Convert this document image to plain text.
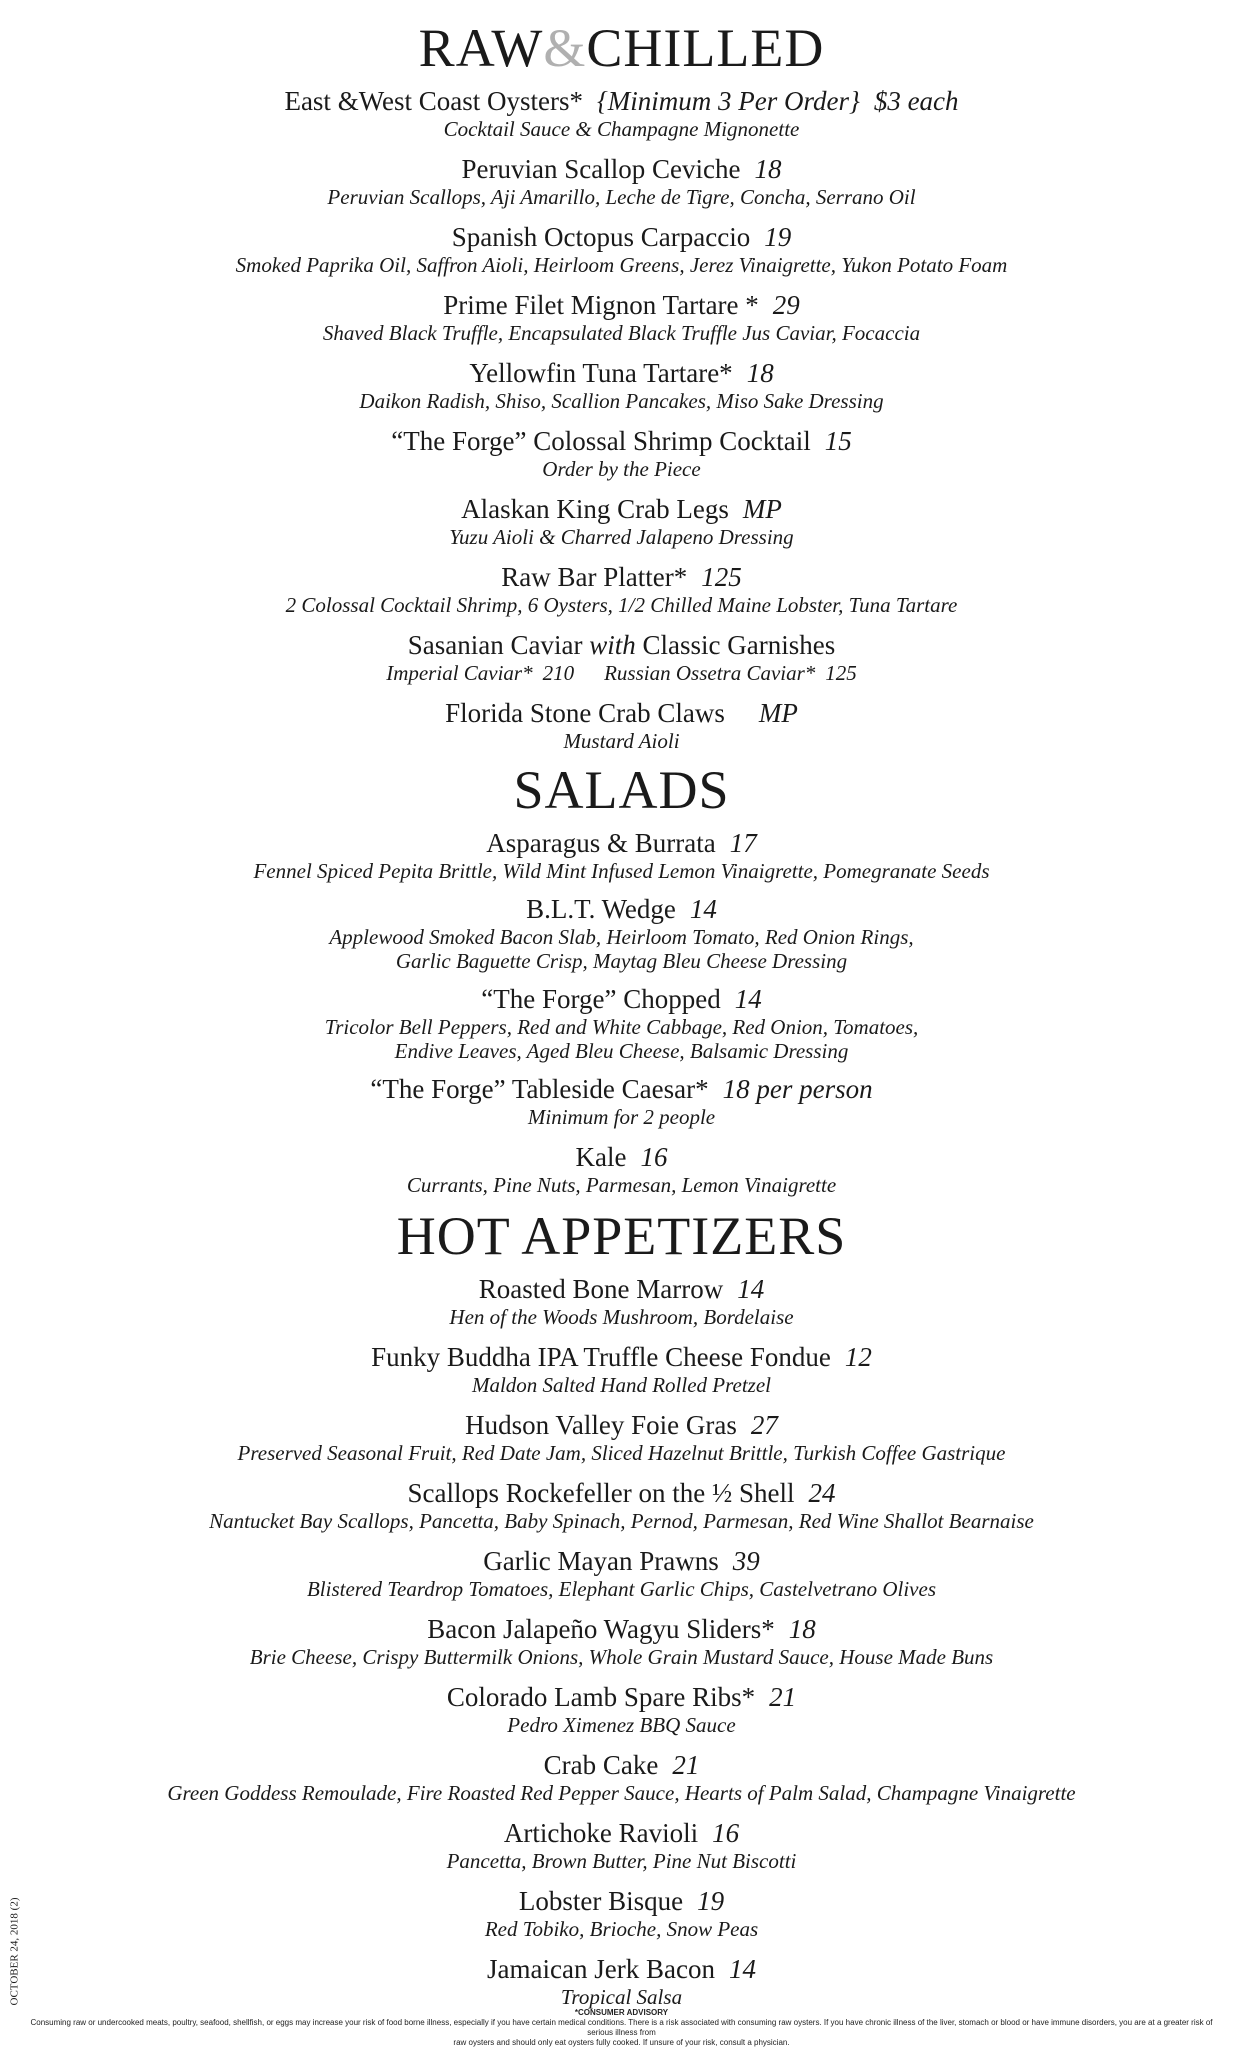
RAW&CHILLED
East &West Coast Oysters* {Minimum 3 Per Order} $3 each
Cocktail Sauce & Champagne Mignonette
Peruvian Scallop Ceviche 18
Peruvian Scallops, Aji Amarillo, Leche de Tigre, Concha, Serrano Oil
Spanish Octopus Carpaccio 19
Smoked Paprika Oil, Saffron Aioli, Heirloom Greens, Jerez Vinaigrette, Yukon Potato Foam
Prime Filet Mignon Tartare * 29
Shaved Black Truffle, Encapsulated Black Truffle Jus Caviar, Focaccia
Yellowfin Tuna Tartare* 18
Daikon Radish, Shiso, Scallion Pancakes, Miso Sake Dressing
“The Forge” Colossal Shrimp Cocktail 15
Order by the Piece
Alaskan King Crab Legs MP
Yuzu Aioli & Charred Jalapeno Dressing
Raw Bar Platter* 125
2 Colossal Cocktail Shrimp, 6 Oysters, 1/2 Chilled Maine Lobster, Tuna Tartare
Sasanian Caviar with Classic Garnishes
Imperial Caviar* 210 Russian Ossetra Caviar* 125
Florida Stone Crab Claws MP
Mustard Aioli
SALADS
Asparagus & Burrata 17
Fennel Spiced Pepita Brittle, Wild Mint Infused Lemon Vinaigrette, Pomegranate Seeds
B.L.T. Wedge 14
Applewood Smoked Bacon Slab, Heirloom Tomato, Red Onion Rings,
Garlic Baguette Crisp, Maytag Bleu Cheese Dressing
“The Forge” Chopped 14
Tricolor Bell Peppers, Red and White Cabbage, Red Onion, Tomatoes,
Endive Leaves, Aged Bleu Cheese, Balsamic Dressing
“The Forge” Tableside Caesar* 18 per person
Minimum for 2 people
Kale 16
Currants, Pine Nuts, Parmesan, Lemon Vinaigrette
HOT APPETIZERS
Roasted Bone Marrow 14
Hen of the Woods Mushroom, Bordelaise
Funky Buddha IPA Truffle Cheese Fondue 12
Maldon Salted Hand Rolled Pretzel
Hudson Valley Foie Gras 27
Preserved Seasonal Fruit, Red Date Jam, Sliced Hazelnut Brittle, Turkish Coffee Gastrique
Scallops Rockefeller on the ½ Shell 24
Nantucket Bay Scallops, Pancetta, Baby Spinach, Pernod, Parmesan, Red Wine Shallot Bearnaise
Garlic Mayan Prawns 39
Blistered Teardrop Tomatoes, Elephant Garlic Chips, Castelvetrano Olives
Bacon Jalapeño Wagyu Sliders* 18
Brie Cheese, Crispy Buttermilk Onions, Whole Grain Mustard Sauce, House Made Buns
Colorado Lamb Spare Ribs* 21
Pedro Ximenez BBQ Sauce
Crab Cake 21
Green Goddess Remoulade, Fire Roasted Red Pepper Sauce, Hearts of Palm Salad, Champagne Vinaigrette
Artichoke Ravioli 16
Pancetta, Brown Butter, Pine Nut Biscotti
Lobster Bisque 19
Red Tobiko, Brioche, Snow Peas
Jamaican Jerk Bacon 14
Tropical Salsa
OCTOBER 24, 2018 (2)
*CONSUMER ADVISORY
Consuming raw or undercooked meats, poultry, seafood, shellfish, or eggs may increase your risk of food borne illness, especially if you have certain medical conditions. There is a risk associated with consuming raw oysters. If you have chronic illness of the liver, stomach or blood or have immune disorders, you are at a greater risk of serious illness from
raw oysters and should only eat oysters fully cooked. If unsure of your risk, consult a physician.
